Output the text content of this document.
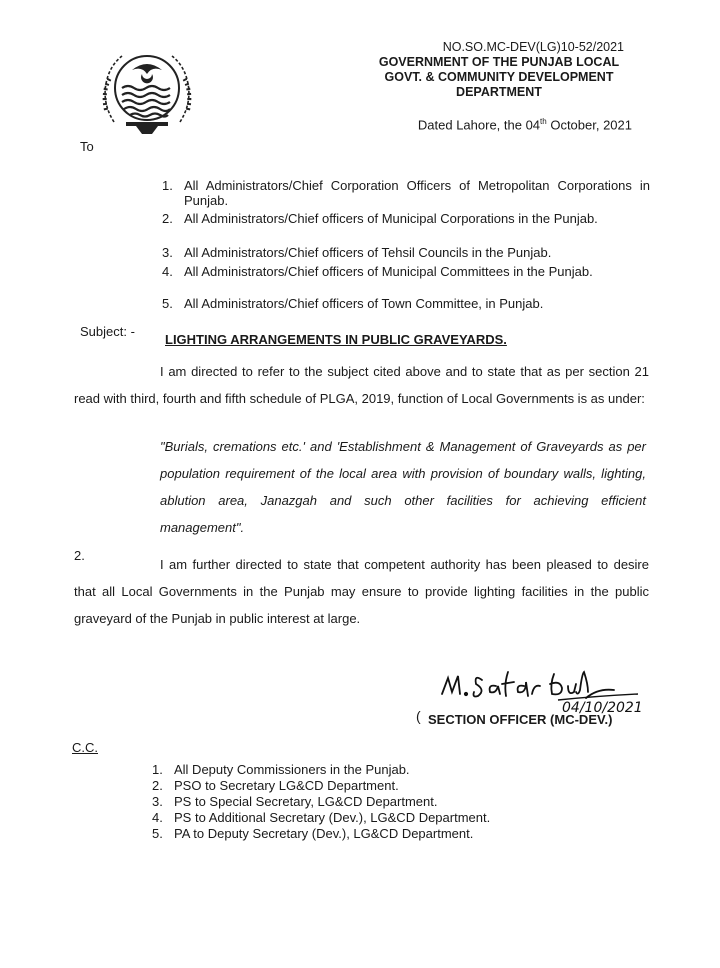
NO.SO.MC-DEV(LG)10-52/2021
GOVERNMENT OF THE PUNJAB LOCAL
GOVT. & COMMUNITY DEVELOPMENT
DEPARTMENT
Dated Lahore, the 04th October, 2021
To
1. All Administrators/Chief Corporation Officers of Metropolitan Corporations in Punjab.
2. All Administrators/Chief officers of Municipal Corporations in the Punjab.
3. All Administrators/Chief officers of Tehsil Councils in the Punjab.
4. All Administrators/Chief officers of Municipal Committees in the Punjab.
5. All Administrators/Chief officers of Town Committee, in Punjab.
Subject: -
LIGHTING ARRANGEMENTS IN PUBLIC GRAVEYARDS.
I am directed to refer to the subject cited above and to state that as per section 21 read with third, fourth and fifth schedule of PLGA, 2019, function of Local Governments is as under:
"Burials, cremations etc.' and 'Establishment & Management of Graveyards as per population requirement of the local area with provision of boundary walls, lighting, ablution area, Janazgah and such other facilities for achieving efficient management".
2.
I am further directed to state that competent authority has been pleased to desire that all Local Governments in the Punjab may ensure to provide lighting facilities in the public graveyard of the Punjab in public interest at large.
04/10/2021
( SECTION OFFICER (MC-DEV.)
C.C.
1. All Deputy Commissioners in the Punjab.
2. PSO to Secretary LG&CD Department.
3. PS to Special Secretary, LG&CD Department.
4. PS to Additional Secretary (Dev.), LG&CD Department.
5. PA to Deputy Secretary (Dev.), LG&CD Department.
